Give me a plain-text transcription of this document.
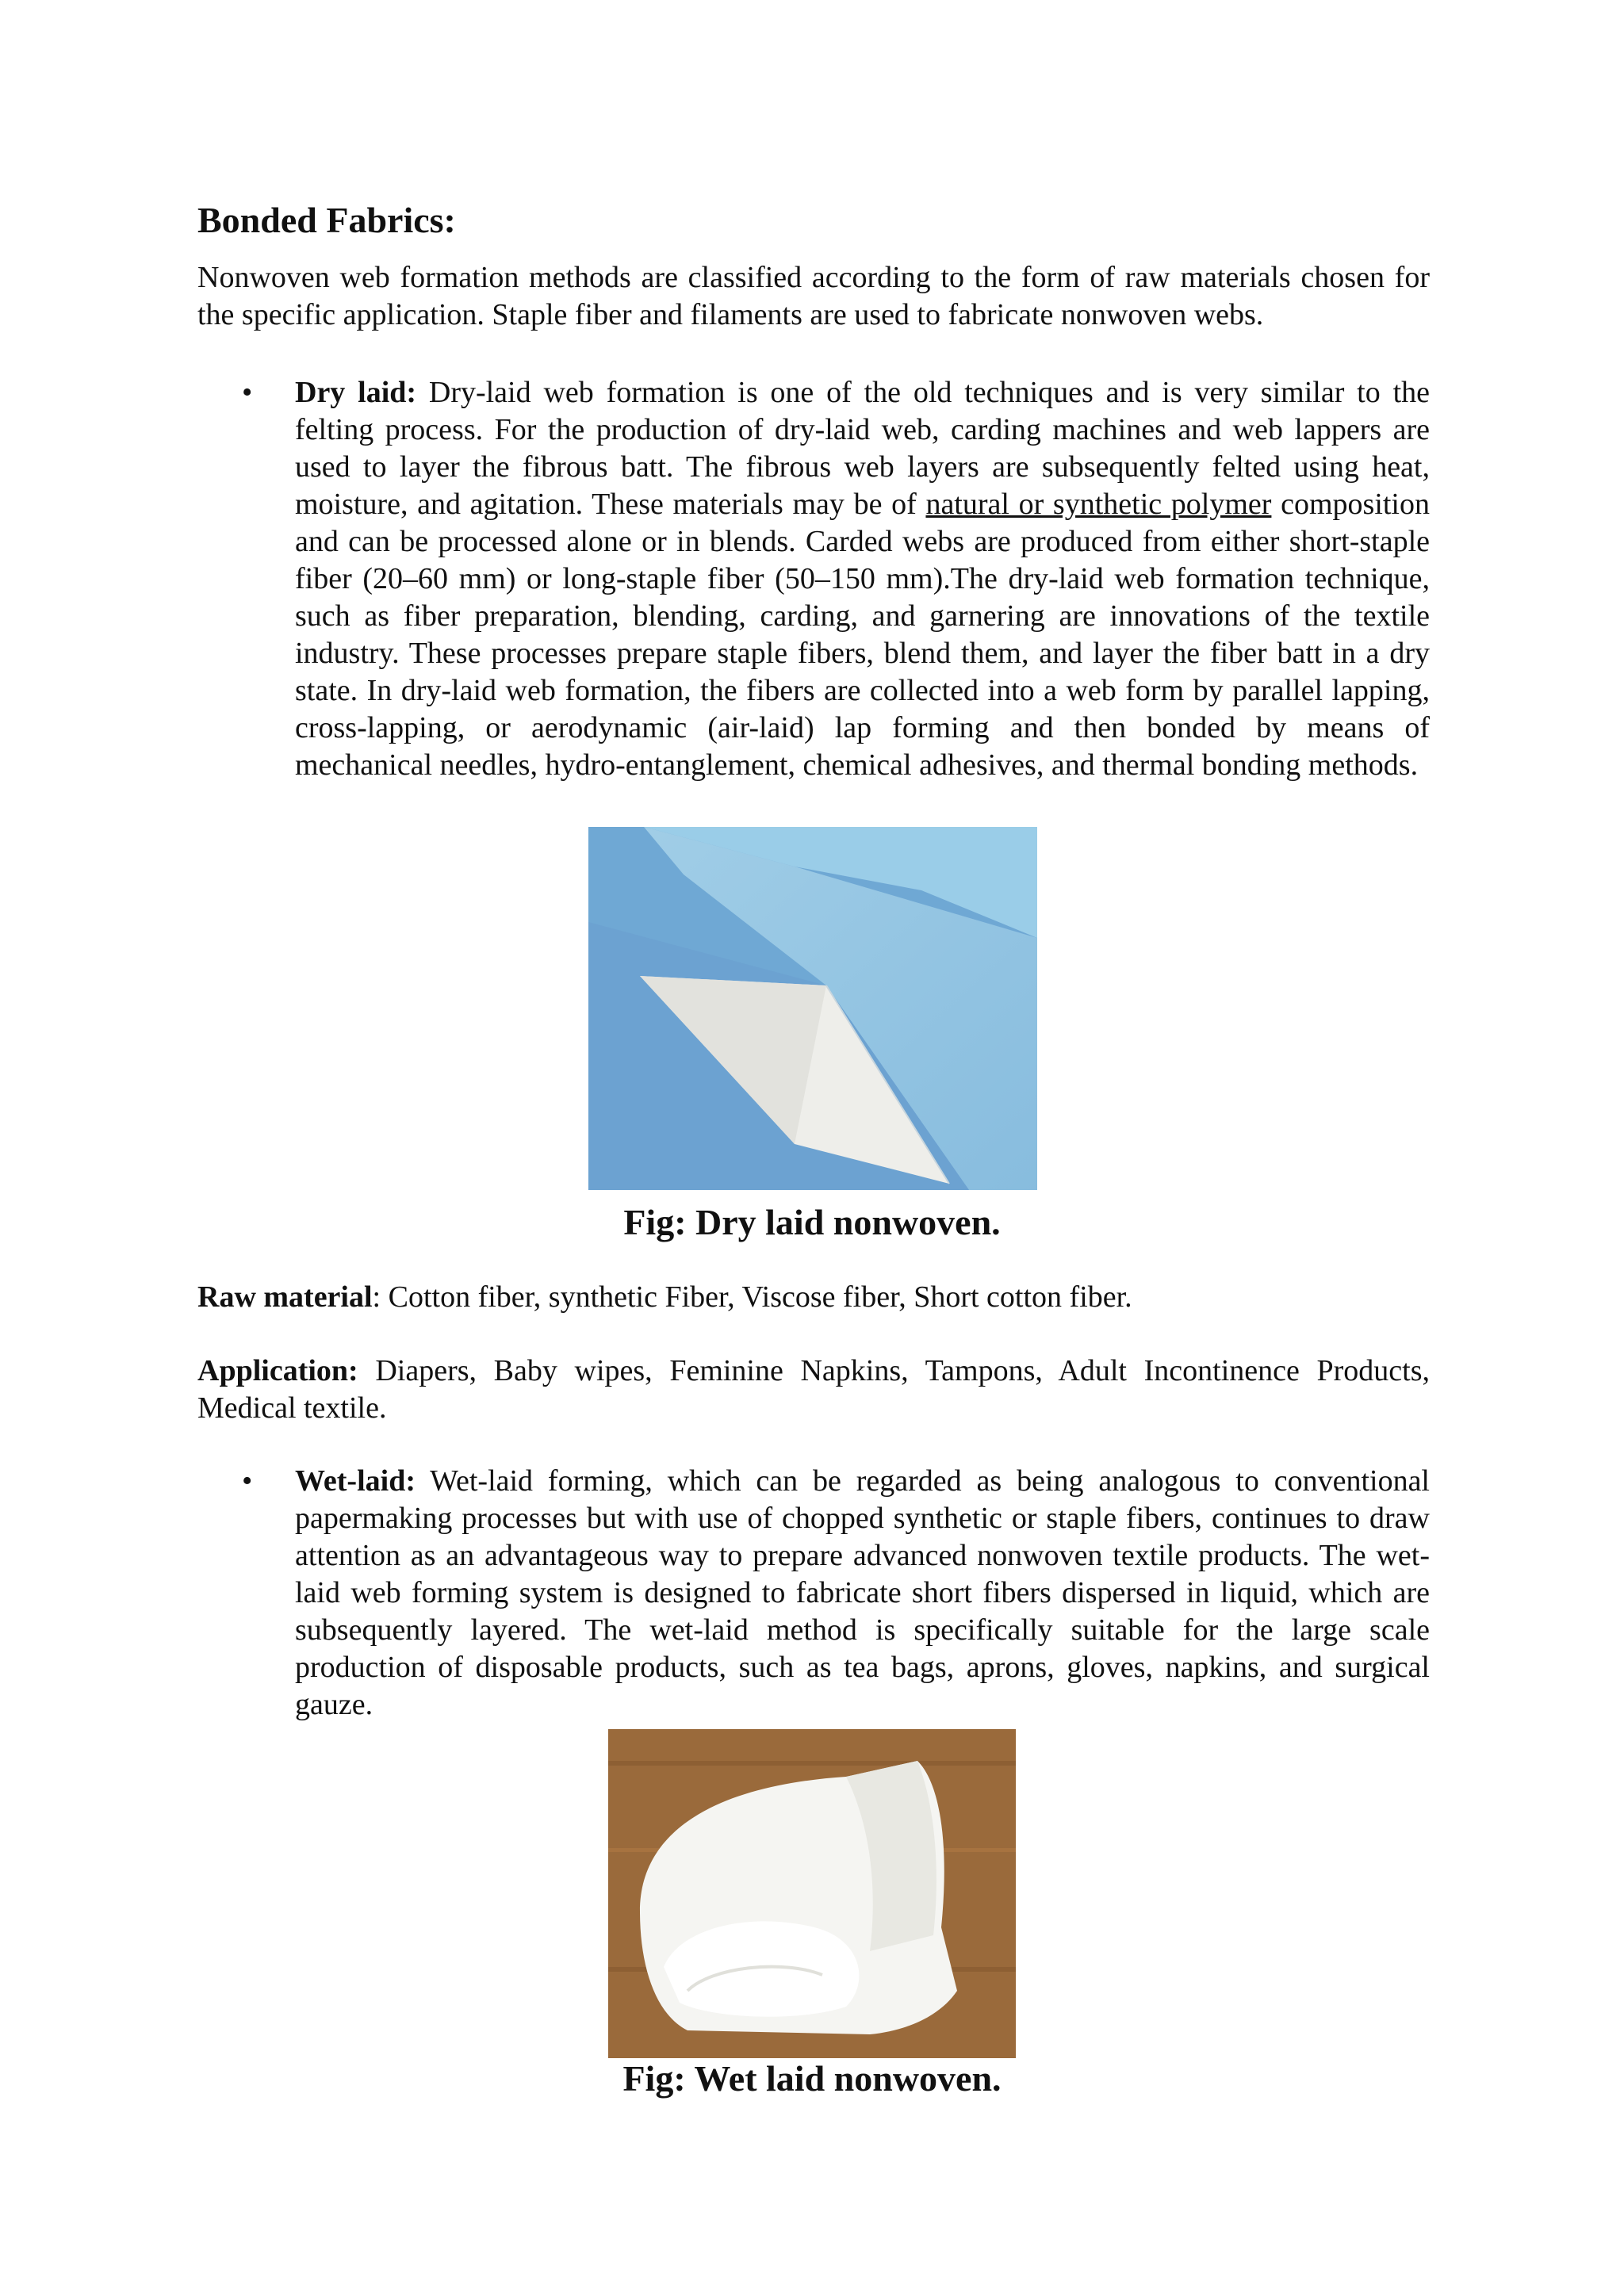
Bonded Fabrics:

Nonwoven web formation methods are classified according to the form of raw materials chosen for the specific application. Staple fiber and filaments are used to fabricate nonwoven webs.

• Dry laid: Dry-laid web formation is one of the old techniques and is very similar to the felting process. For the production of dry-laid web, carding machines and web lappers are used to layer the fibrous batt. The fibrous web layers are subsequently felted using heat, moisture, and agitation. These materials may be of natural or synthetic polymer composition and can be processed alone or in blends. Carded webs are produced from either short-staple fiber (20–60 mm) or long-staple fiber (50–150 mm).The dry-laid web formation technique, such as fiber preparation, blending, carding, and garnering are innovations of the textile industry. These processes prepare staple fibers, blend them, and layer the fiber batt in a dry state. In dry-laid web formation, the fibers are collected into a web form by parallel lapping, cross-lapping, or aerodynamic (air-laid) lap forming and then bonded by means of mechanical needles, hydro-entanglement, chemical adhesives, and thermal bonding methods.

Fig: Dry laid nonwoven.

Raw material: Cotton fiber, synthetic Fiber, Viscose fiber, Short cotton fiber.

Application: Diapers, Baby wipes, Feminine Napkins, Tampons, Adult Incontinence Products, Medical textile.

• Wet-laid: Wet-laid forming, which can be regarded as being analogous to conventional papermaking processes but with use of chopped synthetic or staple fibers, continues to draw attention as an advantageous way to prepare advanced nonwoven textile products. The wet-laid web forming system is designed to fabricate short fibers dispersed in liquid, which are subsequently layered. The wet-laid method is specifically suitable for the large scale production of disposable products, such as tea bags, aprons, gloves, napkins, and surgical gauze.

Fig: Wet laid nonwoven.
